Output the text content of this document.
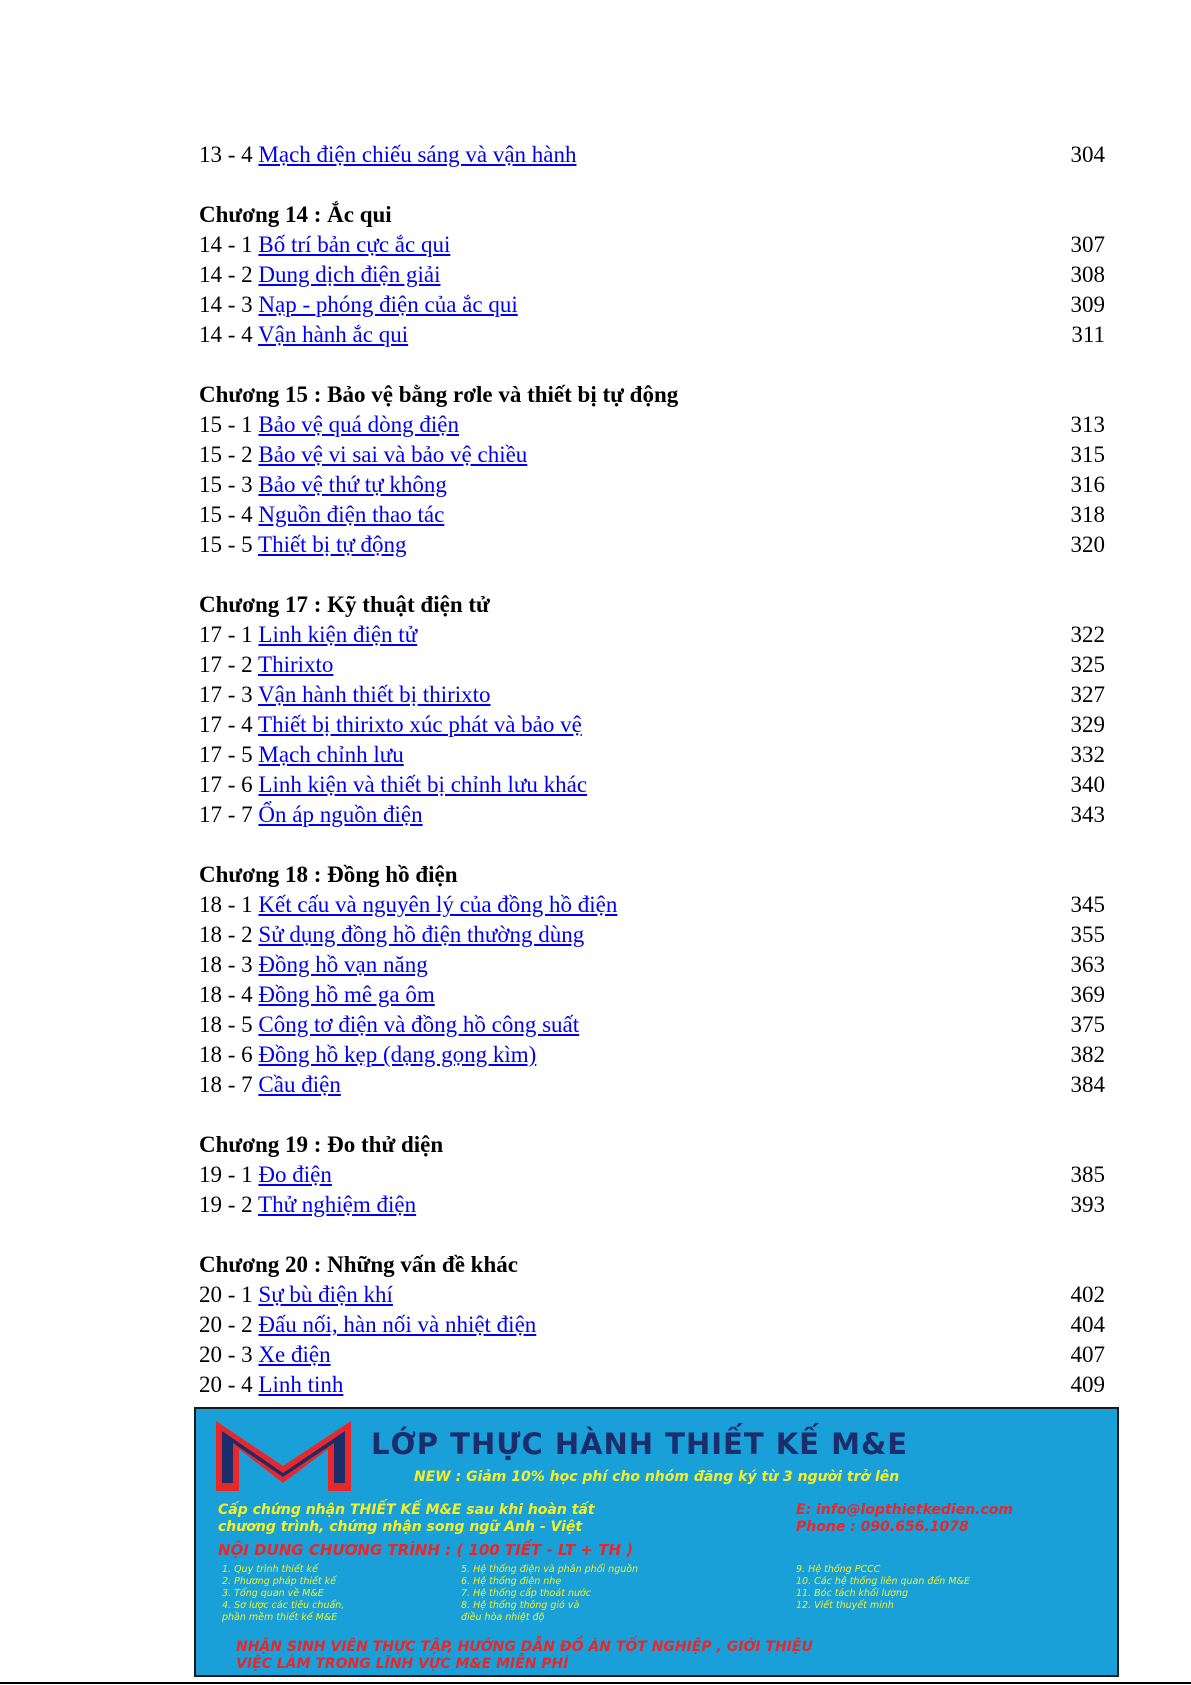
13 - 4 Mạch điện chiếu sáng và vận hành	304
Chương 14 : Ắc qui
14 - 1 Bố trí bản cực ắc qui	307
14 - 2 Dung dịch điện giải	308
14 - 3 Nạp - phóng điện của ắc qui	309
14 - 4 Vận hành ắc qui	311
Chương 15 : Bảo vệ bằng rơle và thiết bị tự động
15 - 1 Bảo vệ quá dòng điện	313
15 - 2 Bảo vệ vi sai và bảo vệ chiều	315
15 - 3 Bảo vệ thứ tự không	316
15 - 4 Nguồn điện thao tác	318
15 - 5 Thiết bị tự động	320
Chương 17 : Kỹ thuật điện tử
17 - 1 Linh kiện điện tử	322
17 - 2 Thirixto	325
17 - 3 Vận hành thiết bị thirixto	327
17 - 4 Thiết bị thirixto xúc phát và bảo vệ	329
17 - 5 Mạch chỉnh lưu	332
17 - 6 Linh kiện và thiết bị chỉnh lưu khác	340
17 - 7 Ổn áp nguồn điện	343
Chương 18 : Đồng hồ điện
18 - 1 Kết cấu và nguyên lý của đồng hồ điện	345
18 - 2 Sử dụng đồng hồ điện thường dùng	355
18 - 3 Đồng hồ vạn năng	363
18 - 4 Đồng hồ mê ga ôm	369
18 - 5 Công tơ điện và đồng hồ công suất	375
18 - 6 Đồng hồ kẹp (dạng gọng kìm)	382
18 - 7 Cầu điện	384
Chương 19 : Đo thử diện
19 - 1 Đo điện	385
19 - 2 Thử nghiệm điện	393
Chương 20 : Những vấn đề khác
20 - 1 Sự bù điện khí	402
20 - 2 Đấu nối, hàn nối và nhiệt điện	404
20 - 3 Xe điện	407
20 - 4 Linh tinh	409
LỚP THỰC HÀNH THIẾT KẾ M&E
NEW : Giảm 10% học phí cho nhóm đăng ký từ 3 người trở lên
Cấp chứng nhận THIẾT KẾ M&E sau khi hoàn tất
chương trình, chứng nhận song ngữ Anh - Việt
E: info@lopthietkedien.com
Phone : 090.656.1078
NỘI DUNG CHƯƠNG TRÌNH : ( 100 TIẾT - LT + TH )
1. Quy trình thiết kế
2. Phương pháp thiết kế
3. Tổng quan về M&E
4. Sơ lược các tiêu chuẩn,
phần mềm thiết kế M&E
5. Hệ thống điện và phân phối nguồn
6. Hệ thống điện nhẹ
7. Hệ thống cấp thoát nước
8. Hệ thống thông gió và
điều hòa nhiệt độ
9. Hệ thống PCCC
10. Các hệ thống liên quan đến M&E
11. Bóc tách khối lượng
12. Viết thuyết minh
NHẬN SINH VIÊN THỰC TẬP, HƯỚNG DẪN ĐỒ ÁN TỐT NGHIỆP , GIỚI THIỆU
VIỆC LÀM TRONG LĨNH VỰC M&E MIỄN PHÍ
